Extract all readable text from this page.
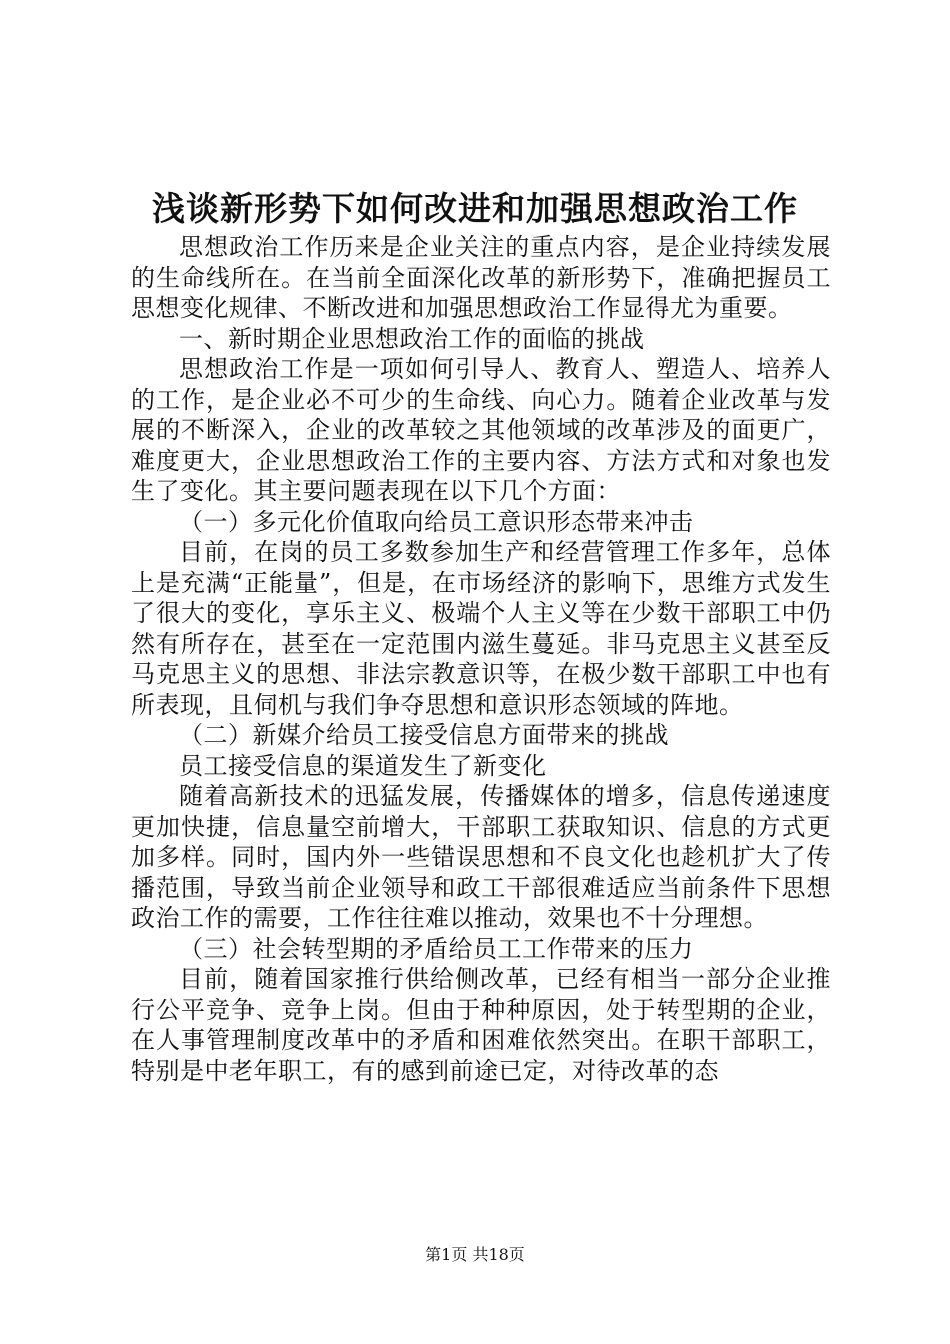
浅谈新形势下如何改进和加强思想政治工作

思想政治工作历来是企业关注的重点内容，是企业持续发展的生命线所在。在当前全面深化改革的新形势下，准确把握员工思想变化规律、不断改进和加强思想政治工作显得尤为重要。

一、新时期企业思想政治工作的面临的挑战

思想政治工作是一项如何引导人、教育人、塑造人、培养人的工作，是企业必不可少的生命线、向心力。随着企业改革与发展的不断深入，企业的改革较之其他领域的改革涉及的面更广，难度更大，企业思想政治工作的主要内容、方法方式和对象也发生了变化。其主要问题表现在以下几个方面：

（一）多元化价值取向给员工意识形态带来冲击

目前，在岗的员工多数参加生产和经营管理工作多年，总体上是充满“正能量”，但是，在市场经济的影响下，思维方式发生了很大的变化，享乐主义、极端个人主义等在少数干部职工中仍然有所存在，甚至在一定范围内滋生蔓延。非马克思主义甚至反马克思主义的思想、非法宗教意识等，在极少数干部职工中也有所表现，且伺机与我们争夺思想和意识形态领域的阵地。

（二）新媒介给员工接受信息方面带来的挑战

员工接受信息的渠道发生了新变化

随着高新技术的迅猛发展，传播媒体的增多，信息传递速度更加快捷，信息量空前增大，干部职工获取知识、信息的方式更加多样。同时，国内外一些错误思想和不良文化也趁机扩大了传播范围，导致当前企业领导和政工干部很难适应当前条件下思想政治工作的需要，工作往往难以推动，效果也不十分理想。

（三）社会转型期的矛盾给员工工作带来的压力

目前，随着国家推行供给侧改革，已经有相当一部分企业推行公平竞争、竞争上岗。但由于种种原因，处于转型期的企业，在人事管理制度改革中的矛盾和困难依然突出。在职干部职工，特别是中老年职工，有的感到前途已定，对待改革的态

第1页 共18页
